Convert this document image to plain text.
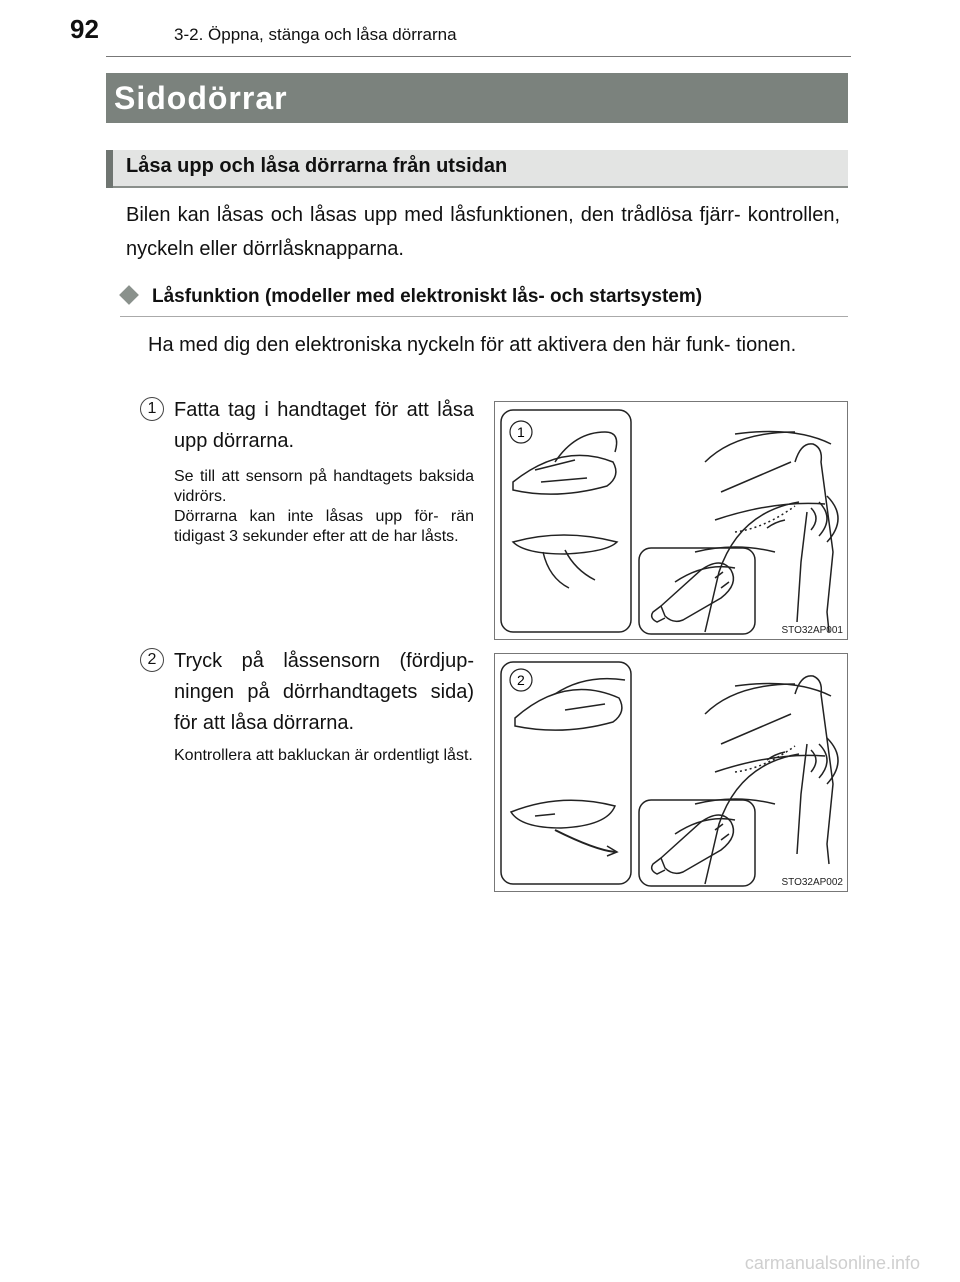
92	3-2. Öppna, stänga och låsa dörrarna
Sidodörrar
Låsa upp och låsa dörrarna från utsidan
Bilen kan låsas och låsas upp med låsfunktionen, den trådlösa fjärr- kontrollen, nyckeln eller dörrlåsknapparna.
Låsfunktion (modeller med elektroniskt lås- och startsystem)
Ha med dig den elektroniska nyckeln för att aktivera den här funk- tionen.
1 Fatta tag i handtaget för att låsa upp dörrarna.
Se till att sensorn på handtagets baksida vidrörs.
Dörrarna kan inte låsas upp för- rän tidigast 3 sekunder efter att de har låsts.
1
STO32AP001
2 Tryck på låssensorn (fördjup- ningen på dörrhandtagets sida) för att låsa dörrarna.
Kontrollera att bakluckan är ordentligt låst.
2
STO32AP002
carmanualsonline.info
